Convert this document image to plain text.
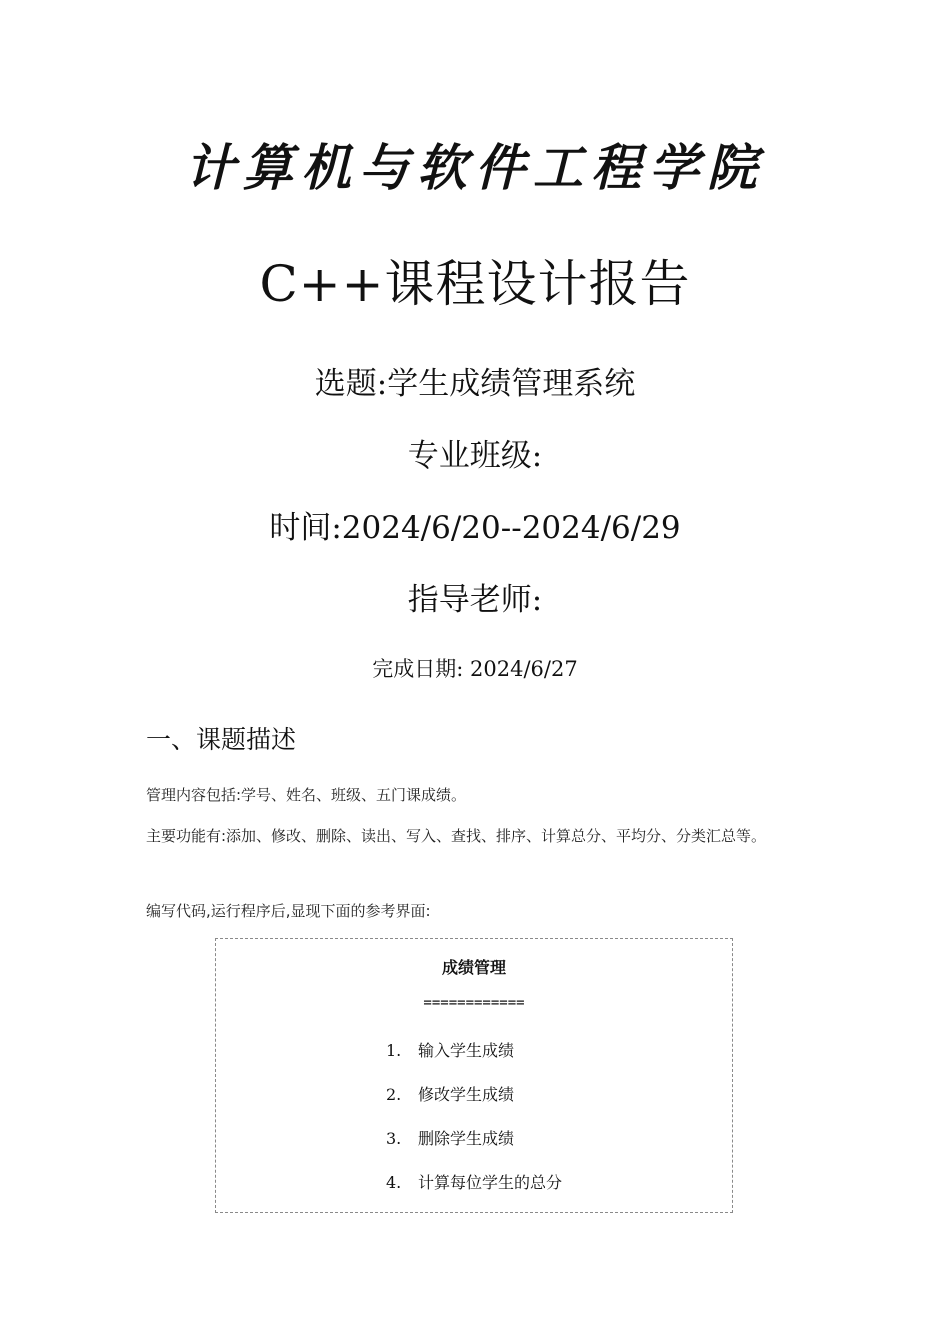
计算机与软件工程学院
C++课程设计报告
选题:学生成绩管理系统
专业班级:
时间:2024/6/20--2024/6/29
指导老师:
完成日期: 2024/6/27
一、课题描述
管理内容包括:学号、姓名、班级、五门课成绩。
主要功能有:添加、修改、删除、读出、写入、查找、排序、计算总分、平均分、分类汇总等。
编写代码,运行程序后,显现下面的参考界面:
成绩管理
============
1. 输入学生成绩
2. 修改学生成绩
3. 删除学生成绩
4. 计算每位学生的总分
